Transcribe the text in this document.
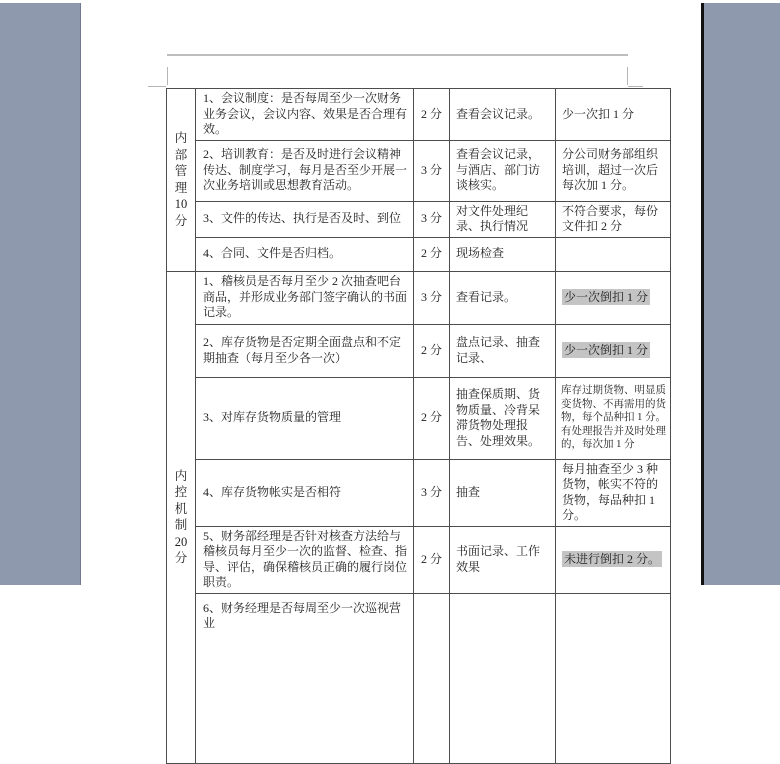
内
部
管
理
10
分
	1、会议制度：是否每周至少一次财务业务会议，会议内容、效果是否合理有效。	2 分	查看会议记录。	少一次扣 1 分
	2、培训教育：是否及时进行会议精神传达、制度学习，每月是否至少开展一次业务培训或思想教育活动。	3 分	查看会议记录，与酒店、部门访谈核实。	分公司财务部组织培训，超过一次后每次加 1 分。
	3、文件的传达、执行是否及时、到位	3 分	对文件处理纪录、执行情况	不符合要求，每份文件扣 2 分
	4、合同、文件是否归档。	2 分	现场检查	

内
控
机
制
20
分
	1、稽核员是否每月至少 2 次抽查吧台商品，并形成业务部门签字确认的书面记录。	3 分	查看记录。	少一次倒扣 1 分
	2、库存货物是否定期全面盘点和不定期抽查（每月至少各一次）	2 分	盘点记录、抽查记录、	少一次倒扣 1 分
	3、对库存货物质量的管理	2 分	抽查保质期、货物质量、冷背呆滞货物处理报告、处理效果。	库存过期货物、明显质变货物、不再需用的货物，每个品种扣 1 分。有处理报告并及时处理的，每次加 1 分
	4、库存货物帐实是否相符	3 分	抽查	每月抽查至少 3 种货物，帐实不符的货物，每品种扣 1 分。
	5、财务部经理是否针对核查方法给与稽核员每月至少一次的监督、检查、指导、评估，确保稽核员正确的履行岗位职责。	2 分	书面记录、工作效果	未进行倒扣 2 分。
	6、财务经理是否每周至少一次巡视营业			
